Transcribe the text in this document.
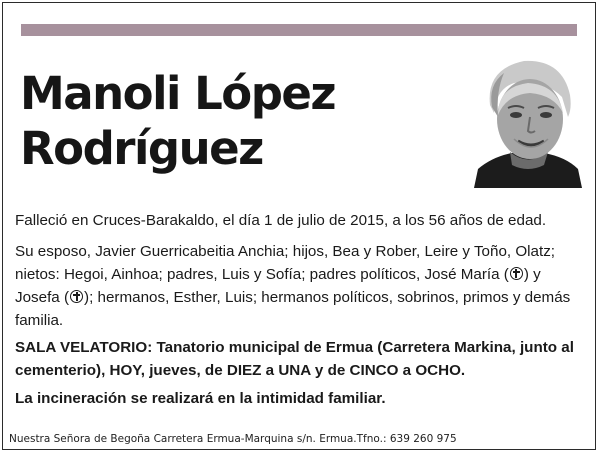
Manoli López
Rodríguez

Falleció en Cruces-Barakaldo, el día 1 de julio de 2015, a los 56 años de edad.

Su esposo, Javier Guerricabeitia Anchia; hijos, Bea y Rober, Leire y Toño, Olatz; nietos: Hegoi, Ainhoa; padres, Luis y Sofía; padres políticos, José María ( ) y Josefa ( ); hermanos, Esther, Luis; hermanos políticos, sobrinos, primos y demás familia.

SALA VELATORIO: Tanatorio municipal de Ermua (Carretera Markina, junto al cementerio), HOY, jueves, de DIEZ a UNA y de CINCO a OCHO.

La incineración se realizará en la intimidad familiar.

Nuestra Señora de Begoña Carretera Ermua-Marquina s/n. Ermua.Tfno.: 639 260 975
